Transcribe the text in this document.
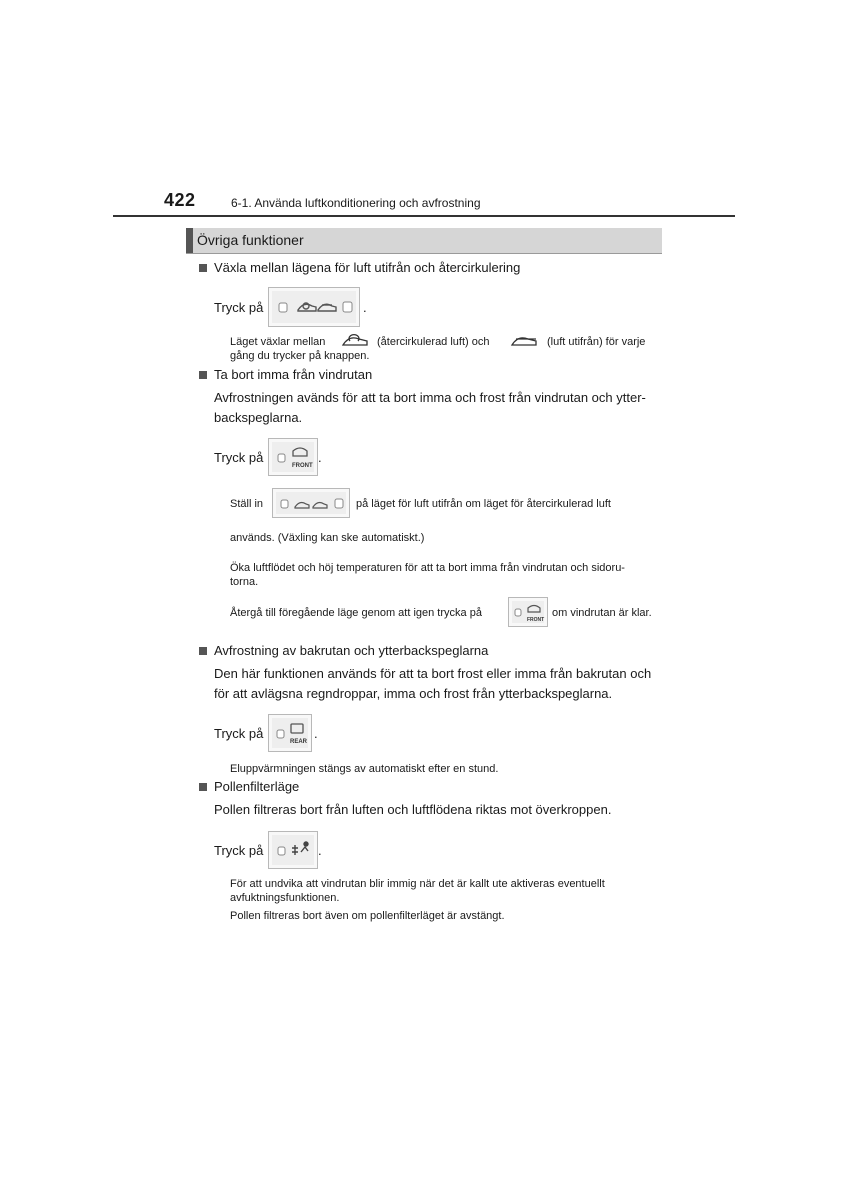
422	6-1. Använda luftkonditionering och avfrostning
Övriga funktioner
Växla mellan lägena för luft utifrån och återcirkulering
Tryck på	.
Läget växlar mellan	(återcirkulerad luft) och	(luft utifrån) för varje
gång du trycker på knappen.
Ta bort imma från vindrutan
Avfrostningen avänds för att ta bort imma och frost från vindrutan och ytter-
backspeglarna.
Tryck på
FRONT
.
Ställ in	på läget för luft utifrån om läget för återcirkulerad luft
används. (Växling kan ske automatiskt.)
Öka luftflödet och höj temperaturen för att ta bort imma från vindrutan och sidoru-
torna.
Återgå till föregående läge genom att igen trycka på
FRONT
om vindrutan är klar.
Avfrostning av bakrutan och ytterbackspeglarna
Den här funktionen används för att ta bort frost eller imma från bakrutan och
för att avlägsna regndroppar, imma och frost från ytterbackspeglarna.
Tryck på
REAR
.
Eluppvärmningen stängs av automatiskt efter en stund.
Pollenfilterläge
Pollen filtreras bort från luften och luftflödena riktas mot överkroppen.
Tryck på	.
För att undvika att vindrutan blir immig när det är kallt ute aktiveras eventuellt
avfuktningsfunktionen.
Pollen filtreras bort även om pollenfilterläget är avstängt.
